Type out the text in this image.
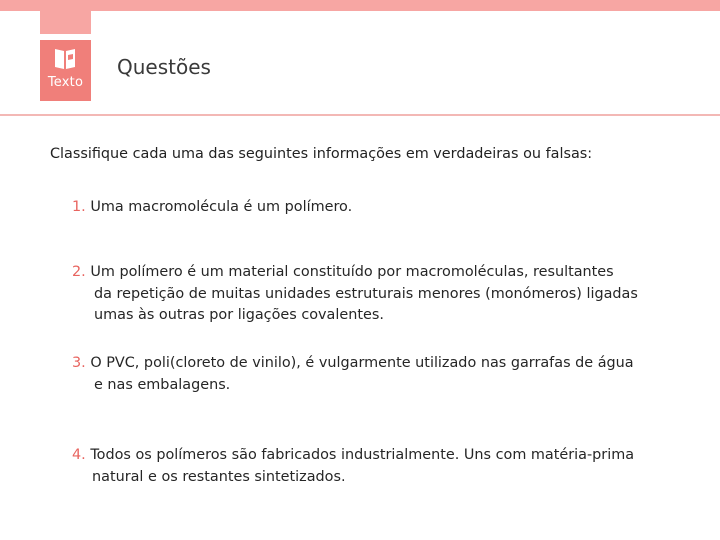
Texto
Questões
Classifique cada uma das seguintes informações em verdadeiras ou falsas:
1. Uma macromolécula é um polímero.
2. Um polímero é um material constituído por macromoléculas, resultantes
da repetição de muitas unidades estruturais menores (monómeros) ligadas
umas às outras por ligações covalentes.
3. O PVC, poli(cloreto de vinilo), é vulgarmente utilizado nas garrafas de água
e nas embalagens.
4. Todos os polímeros são fabricados industrialmente. Uns com matéria-prima
natural e os restantes sintetizados.
